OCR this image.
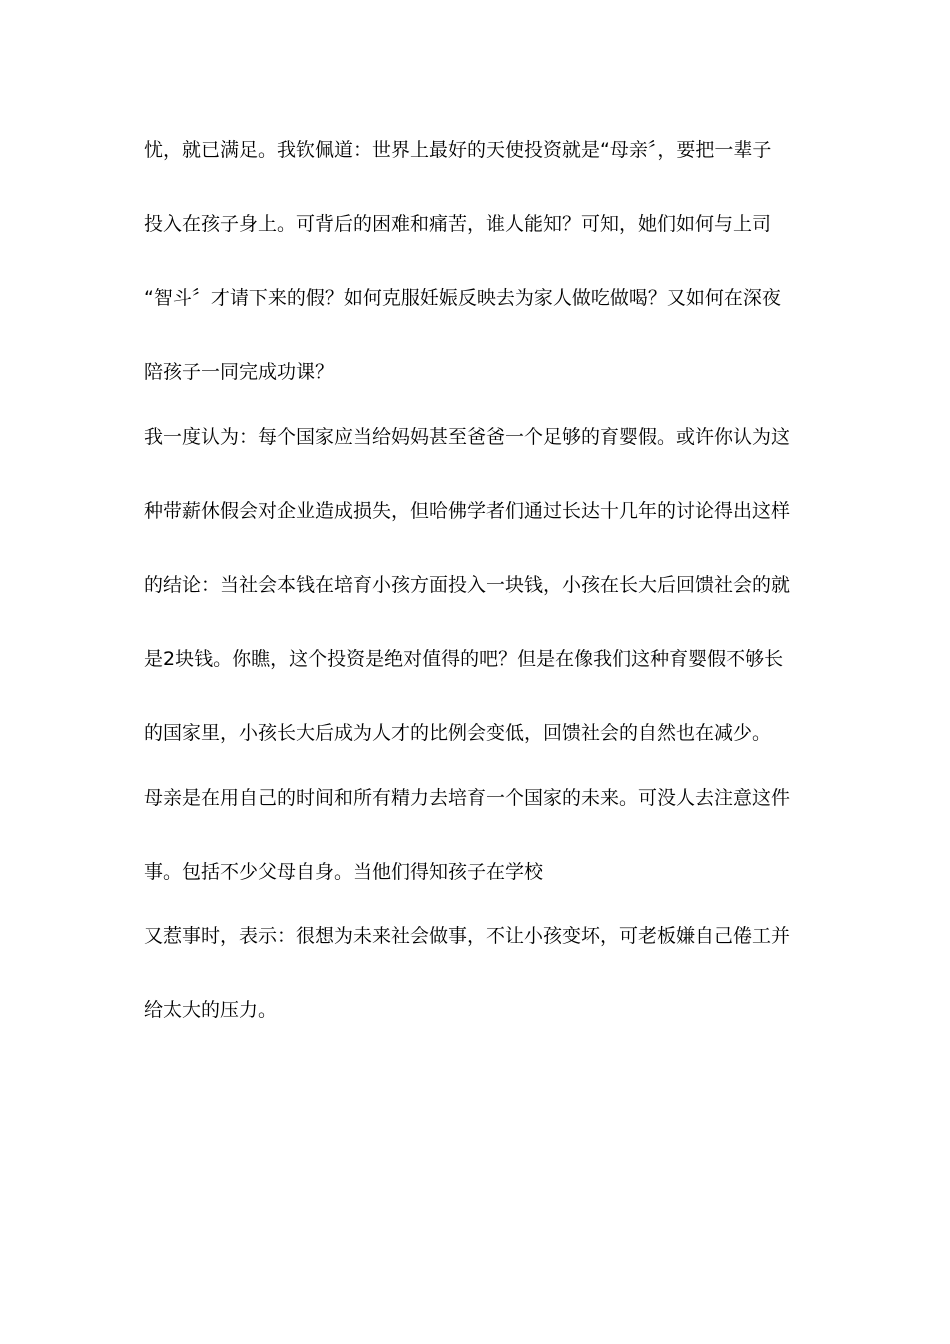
忧，就已满足。我钦佩道：世界上最好的天使投资就是“母亲〞，要把一辈子
投入在孩子身上。可背后的困难和痛苦，谁人能知？可知，她们如何与上司
“智斗〞才请下来的假？如何克服妊娠反映去为家人做吃做喝？又如何在深夜
陪孩子一同完成功课？
我一度认为：每个国家应当给妈妈甚至爸爸一个足够的育婴假。或许你认为这
种带薪休假会对企业造成损失，但哈佛学者们通过长达十几年的讨论得出这样
的结论：当社会本钱在培育小孩方面投入一块钱，小孩在长大后回馈社会的就
是2块钱。你瞧，这个投资是绝对值得的吧？但是在像我们这种育婴假不够长
的国家里，小孩长大后成为人才的比例会变低，回馈社会的自然也在减少。
母亲是在用自己的时间和所有精力去培育一个国家的未来。可没人去注意这件
事。包括不少父母自身。当他们得知孩子在学校
又惹事时，表示：很想为未来社会做事，不让小孩变坏，可老板嫌自己倦工并
给太大的压力。
